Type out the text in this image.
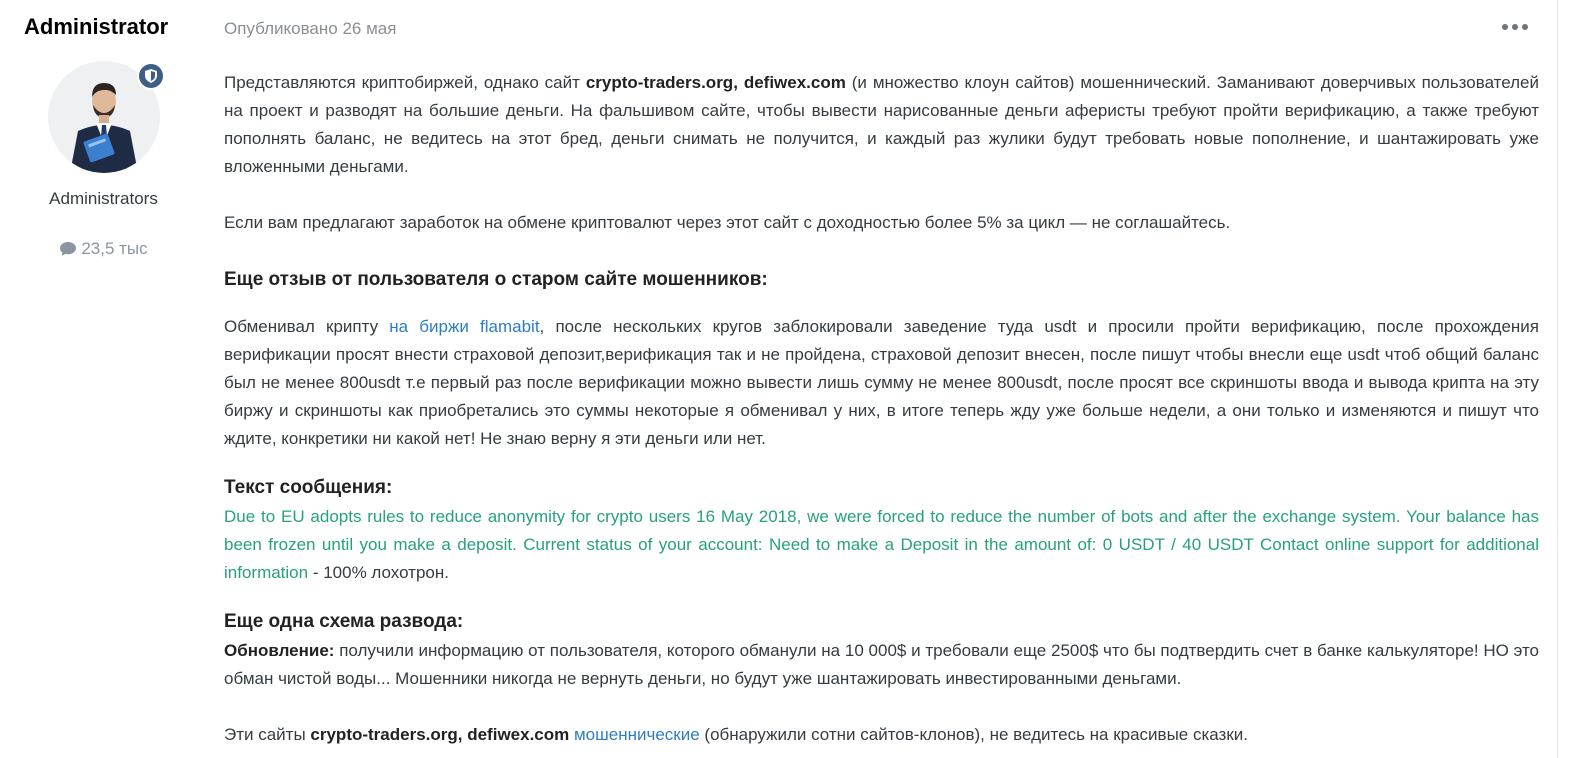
Administrator
Administrators
23,5 тыс
Опубликовано 26 мая

Представляются криптобиржей, однако сайт crypto-traders.org, defiwex.com (и множество клоун сайтов) мошеннический. Заманивают доверчивых пользователей на проект и разводят на большие деньги. На фальшивом сайте, чтобы вывести нарисованные деньги аферисты требуют пройти верификацию, а также требуют пополнять баланс, не ведитесь на этот бред, деньги снимать не получится, и каждый раз жулики будут требовать новые пополнение, и шантажировать уже вложенными деньгами.

Если вам предлагают заработок на обмене криптовалют через этот сайт с доходностью более 5% за цикл — не соглашайтесь.

Еще отзыв от пользователя о старом сайте мошенников:

Обменивал крипту на биржи flamabit, после нескольких кругов заблокировали заведение туда usdt и просили пройти верификацию, после прохождения верификации просят внести страховой депозит,верификация так и не пройдена, страховой депозит внесен, после пишут чтобы внесли еще usdt чтоб общий баланс был не менее 800usdt т.е первый раз после верификации можно вывести лишь сумму не менее 800usdt, после просят все скриншоты ввода и вывода крипта на эту биржу и скриншоты как приобретались это суммы некоторые я обменивал у них, в итоге теперь жду уже больше недели, а они только и изменяются и пишут что ждите, конкретики ни какой нет! Не знаю верну я эти деньги или нет.

Текст сообщения:

Due to EU adopts rules to reduce anonymity for crypto users 16 May 2018, we were forced to reduce the number of bots and after the exchange system. Your balance has been frozen until you make a deposit. Current status of your account: Need to make a Deposit in the amount of: 0 USDT / 40 USDT Contact online support for additional information - 100% лохотрон.

Еще одна схема развода:

Обновление: получили информацию от пользователя, которого обманули на 10 000$ и требовали еще 2500$ что бы подтвердить счет в банке калькуляторе! НО это обман чистой воды... Мошенники никогда не вернуть деньги, но будут уже шантажировать инвестированными деньгами.

Эти сайты crypto-traders.org, defiwex.com мошеннические (обнаружили сотни сайтов-клонов), не ведитесь на красивые сказки.
